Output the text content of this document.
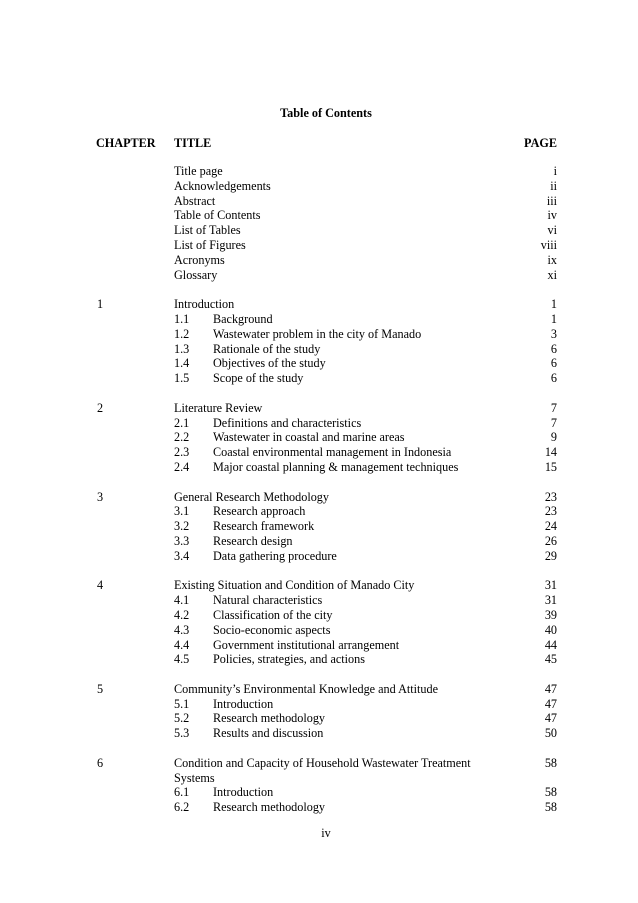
Table of Contents
CHAPTER TITLE	PAGE
Title page	i
Acknowledgements	ii
Abstract	iii
Table of Contents	iv
List of Tables	vi
List of Figures	viii
Acronyms	ix
Glossary	xi
1	Introduction	1
1.1 Background	1
1.2 Wastewater problem in the city of Manado	3
1.3 Rationale of the study	6
1.4 Objectives of the study	6
1.5 Scope of the study	6
2	Literature Review	7
2.1 Definitions and characteristics	7
2.2 Wastewater in coastal and marine areas	9
2.3 Coastal environmental management in Indonesia	14
2.4 Major coastal planning & management techniques	15
3	General Research Methodology	23
3.1 Research approach	23
3.2 Research framework	24
3.3 Research design	26
3.4 Data gathering procedure	29
4	Existing Situation and Condition of Manado City	31
4.1 Natural characteristics	31
4.2 Classification of the city	39
4.3 Socio-economic aspects	40
4.4 Government institutional arrangement	44
4.5 Policies, strategies, and actions	45
5	Community’s Environmental Knowledge and Attitude	47
5.1 Introduction	47
5.2 Research methodology	47
5.3 Results and discussion	50
6	Condition and Capacity of Household Wastewater Treatment	58
Systems
6.1 Introduction	58
6.2 Research methodology	58
iv
